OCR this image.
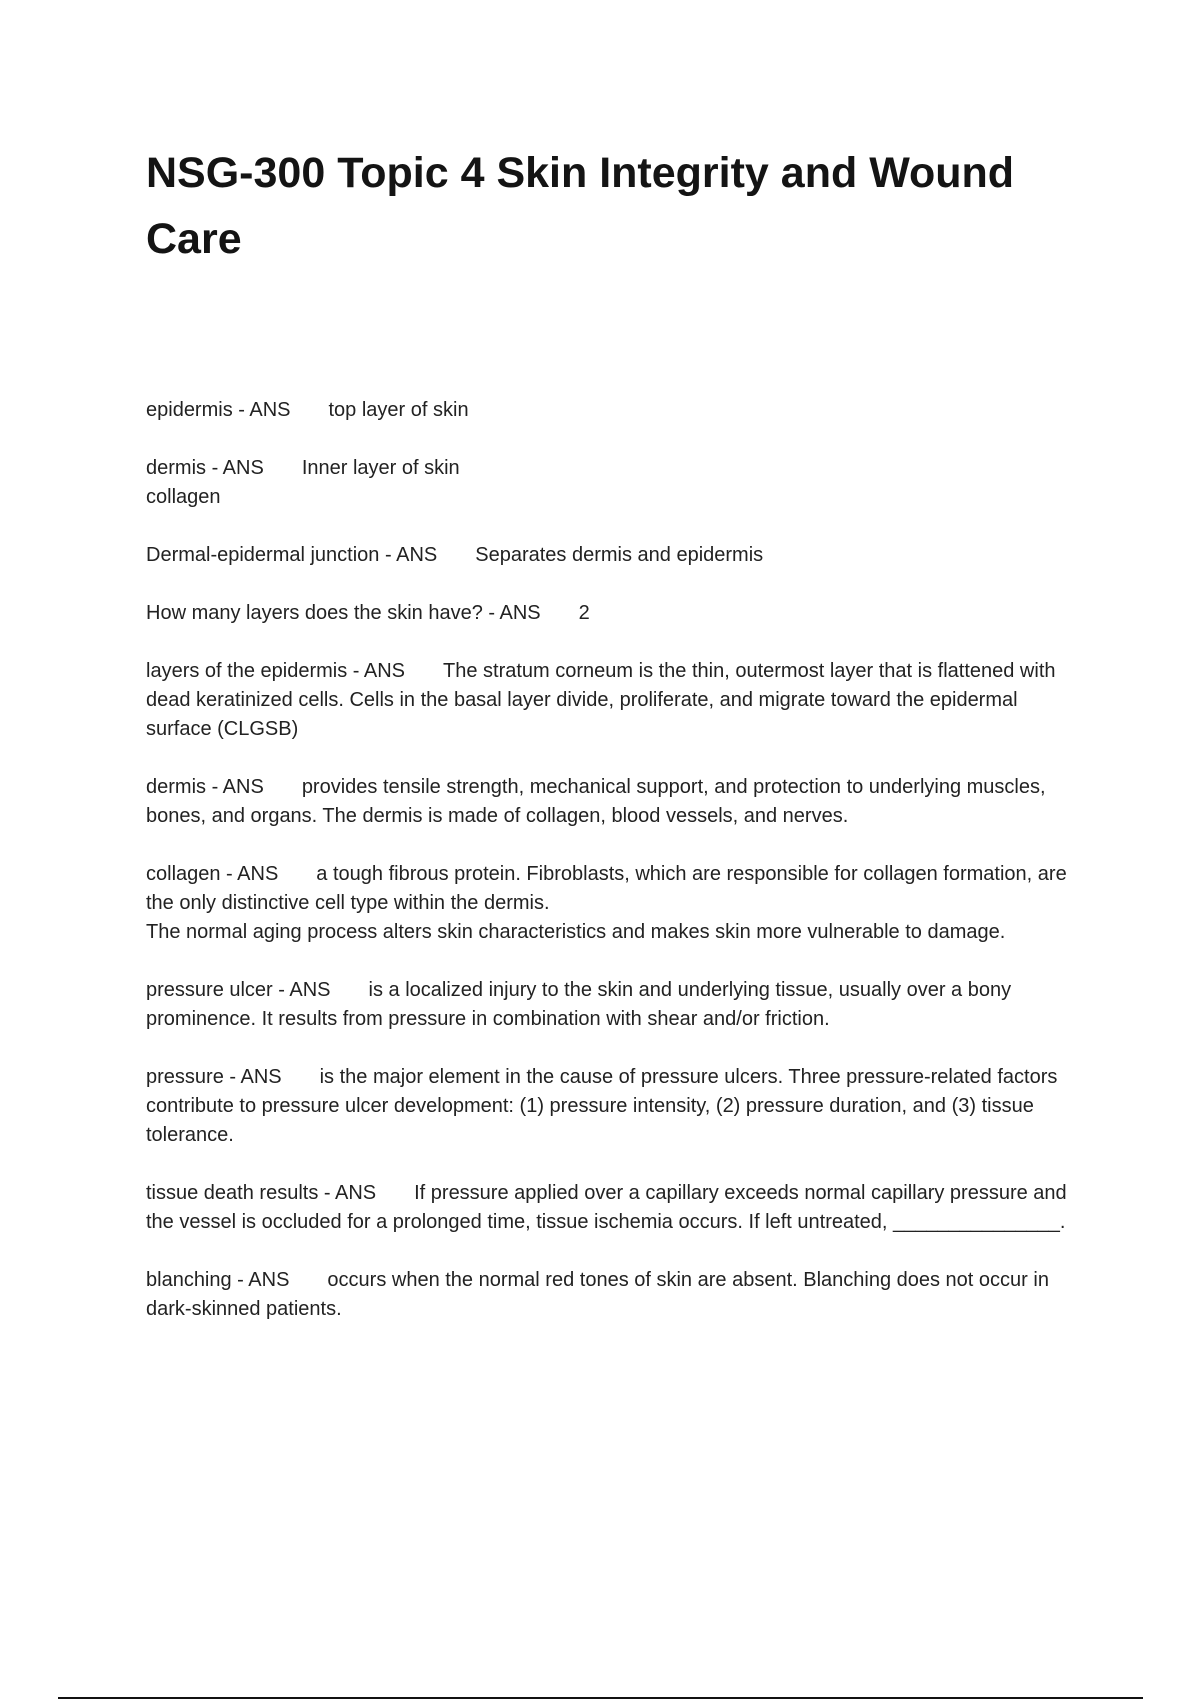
NSG-300 Topic 4 Skin Integrity and Wound Care

epidermis - ANS top layer of skin

dermis - ANS Inner layer of skin
collagen

Dermal-epidermal junction - ANS Separates dermis and epidermis

How many layers does the skin have? - ANS 2

layers of the epidermis - ANS The stratum corneum is the thin, outermost layer that is flattened with dead keratinized cells. Cells in the basal layer divide, proliferate, and migrate toward the epidermal surface (CLGSB)

dermis - ANS provides tensile strength, mechanical support, and protection to underlying muscles, bones, and organs. The dermis is made of collagen, blood vessels, and nerves.

collagen - ANS a tough fibrous protein. Fibroblasts, which are responsible for collagen formation, are the only distinctive cell type within the dermis.
The normal aging process alters skin characteristics and makes skin more vulnerable to damage.

pressure ulcer - ANS is a localized injury to the skin and underlying tissue, usually over a bony prominence. It results from pressure in combination with shear and/or friction.

pressure - ANS is the major element in the cause of pressure ulcers. Three pressure-related factors contribute to pressure ulcer development: (1) pressure intensity, (2) pressure duration, and (3) tissue tolerance.

tissue death results - ANS If pressure applied over a capillary exceeds normal capillary pressure and the vessel is occluded for a prolonged time, tissue ischemia occurs. If left untreated, _______________.

blanching - ANS occurs when the normal red tones of skin are absent. Blanching does not occur in dark-skinned patients.
